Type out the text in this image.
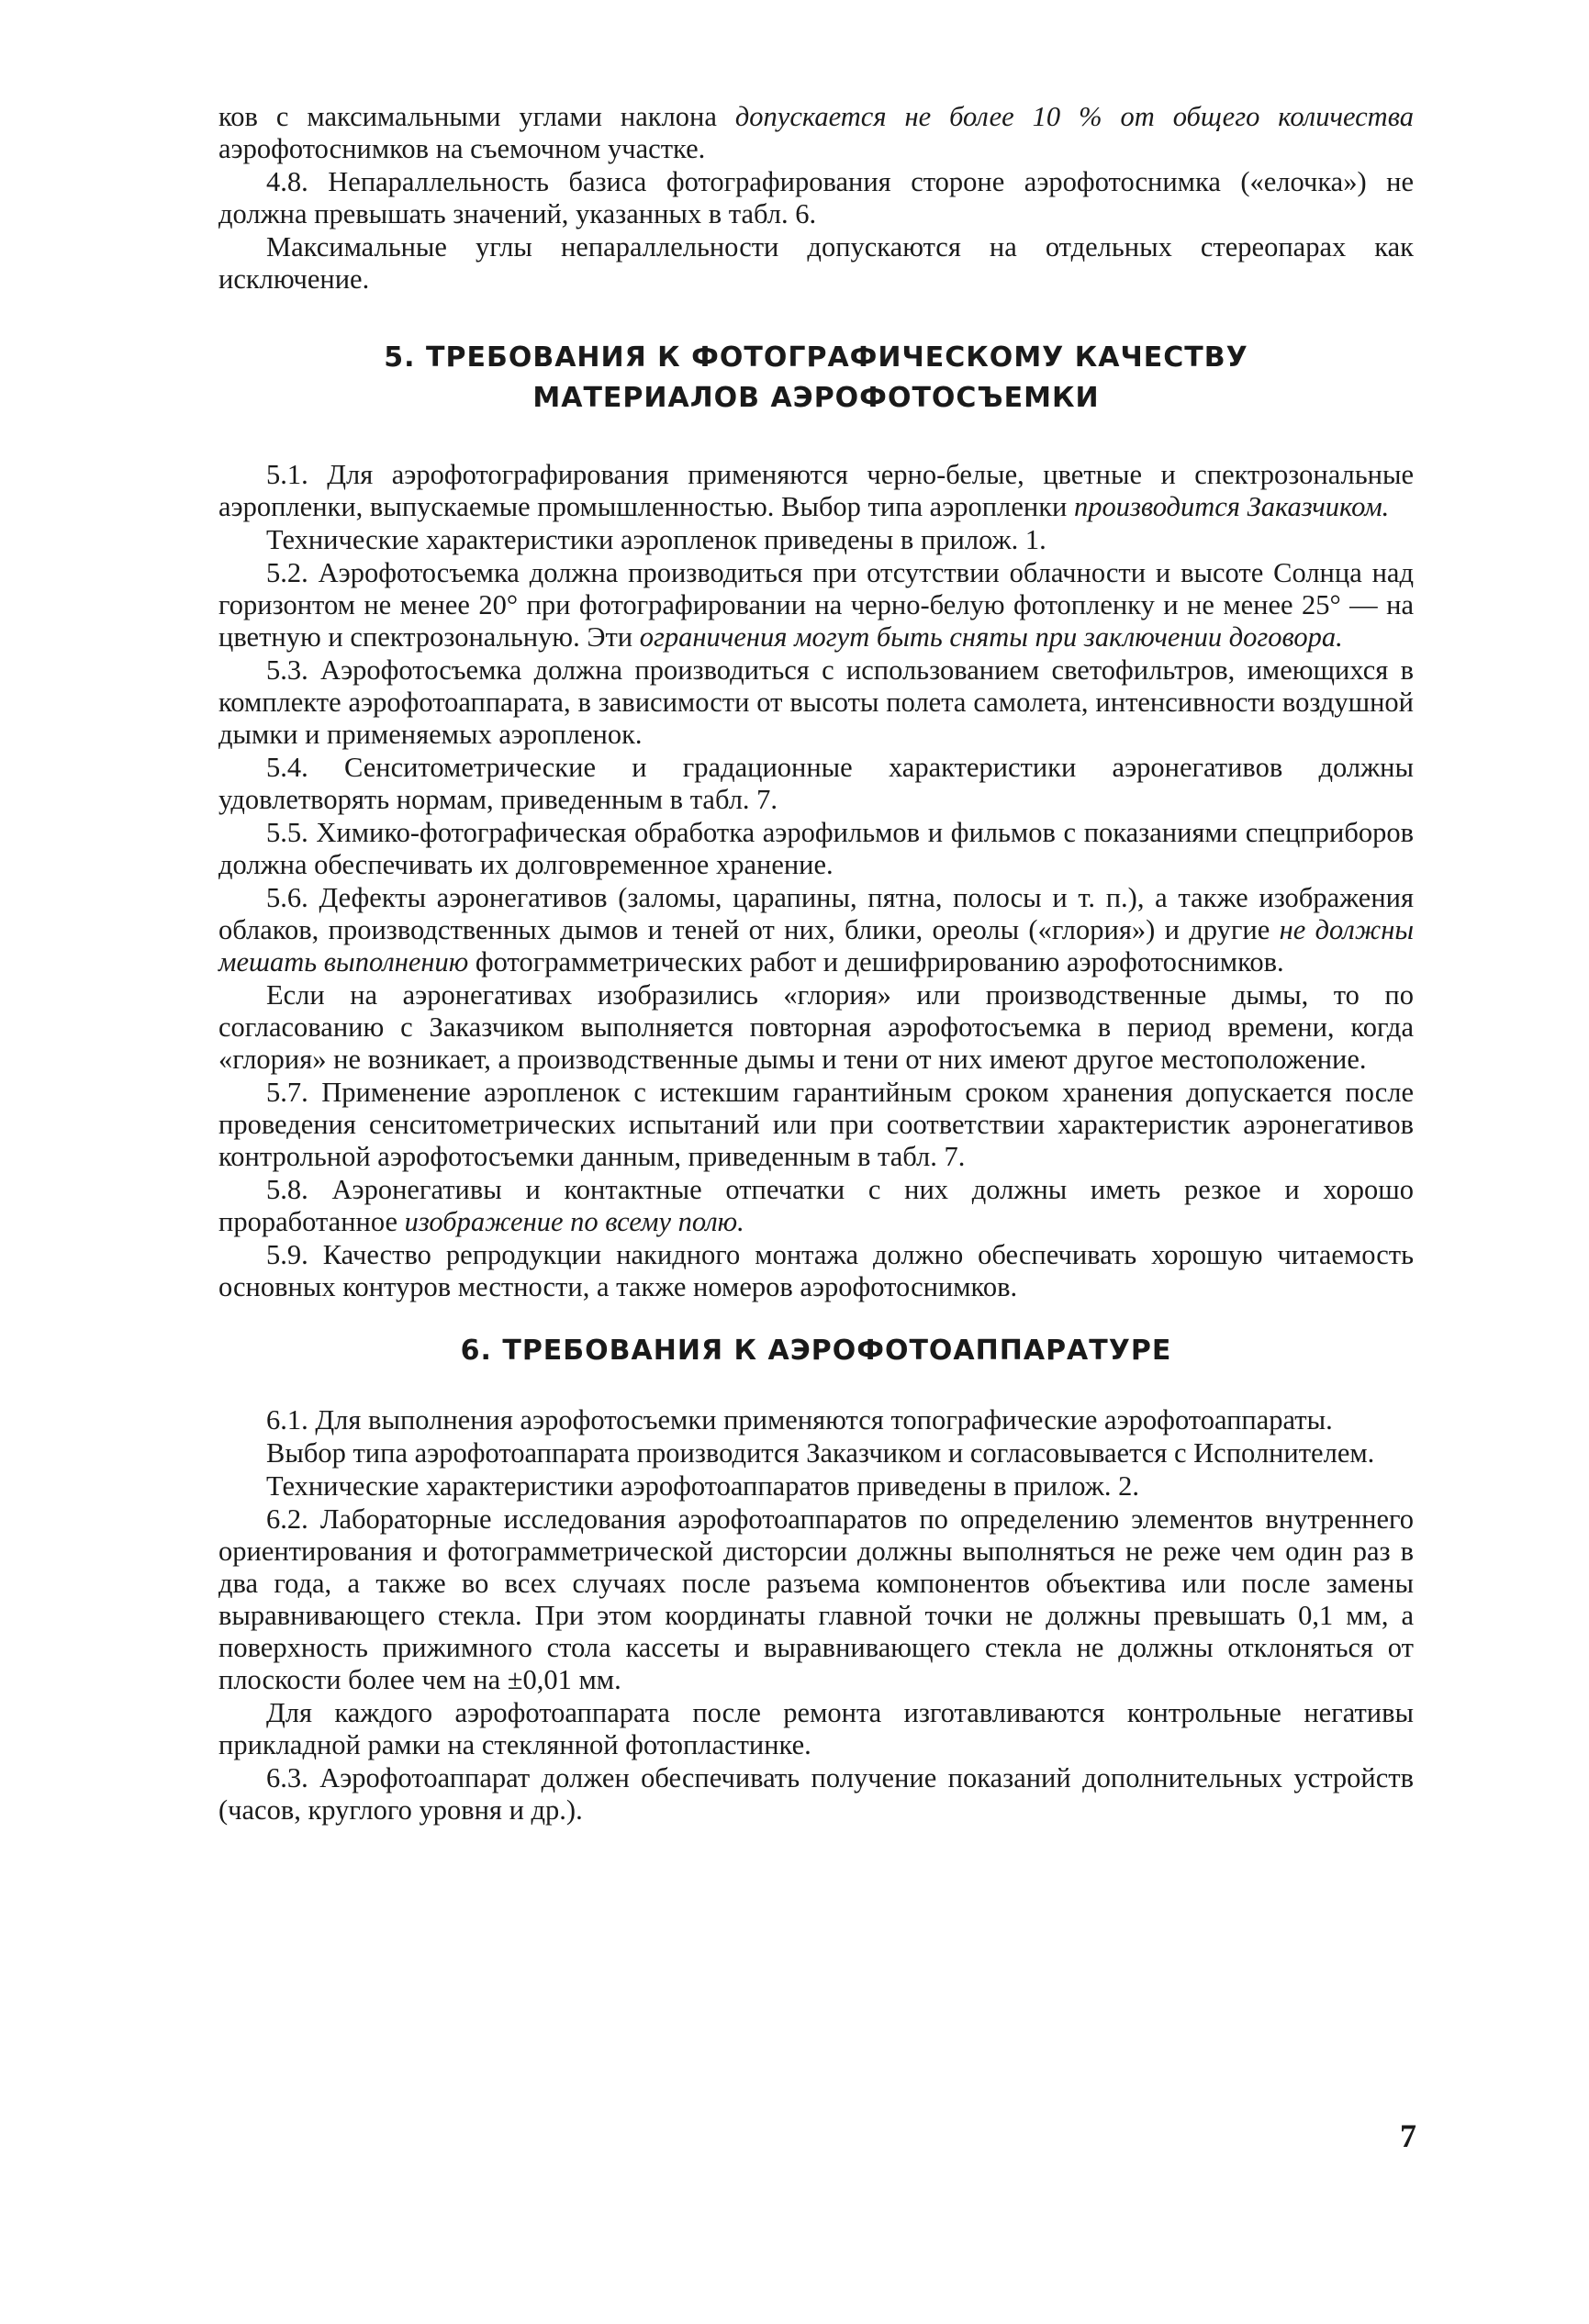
ков с максимальными углами наклона допускается не более 10 % от общего количества аэрофотоснимков на съемочном участке.

4.8. Непараллельность базиса фотографирования стороне аэрофотоснимка («елочка») не должна превышать значений, указанных в табл. 6.

Максимальные углы непараллельности допускаются на отдельных стереопарах как исключение.

5. ТРЕБОВАНИЯ К ФОТОГРАФИЧЕСКОМУ КАЧЕСТВУ
МАТЕРИАЛОВ АЭРОФОТОСЪЕМКИ

5.1. Для аэрофотографирования применяются черно-белые, цветные и спектрозональные аэропленки, выпускаемые промышленностью. Выбор типа аэропленки производится Заказчиком.

Технические характеристики аэропленок приведены в прилож. 1.

5.2. Аэрофотосъемка должна производиться при отсутствии облачности и высоте Солнца над горизонтом не менее 20° при фотографировании на черно-белую фотопленку и не менее 25° — на цветную и спектрозональную. Эти ограничения могут быть сняты при заключении договора.

5.3. Аэрофотосъемка должна производиться с использованием светофильтров, имеющихся в комплекте аэрофотоаппарата, в зависимости от высоты полета самолета, интенсивности воздушной дымки и применяемых аэропленок.

5.4. Сенситометрические и градационные характеристики аэронегативов должны удовлетворять нормам, приведенным в табл. 7.

5.5. Химико-фотографическая обработка аэрофильмов и фильмов с показаниями спецприборов должна обеспечивать их долговременное хранение.

5.6. Дефекты аэронегативов (заломы, царапины, пятна, полосы и т. п.), а также изображения облаков, производственных дымов и теней от них, блики, ореолы («глория») и другие не должны мешать выполнению фотограмметрических работ и дешифрированию аэрофотоснимков.

Если на аэронегативах изобразились «глория» или производственные дымы, то по согласованию с Заказчиком выполняется повторная аэрофотосъемка в период времени, когда «глория» не возникает, а производственные дымы и тени от них имеют другое местоположение.

5.7. Применение аэропленок с истекшим гарантийным сроком хранения допускается после проведения сенситометрических испытаний или при соответствии характеристик аэронегативов контрольной аэрофотосъемки данным, приведенным в табл. 7.

5.8. Аэронегативы и контактные отпечатки с них должны иметь резкое и хорошо проработанное изображение по всему полю.

5.9. Качество репродукции накидного монтажа должно обеспечивать хорошую читаемость основных контуров местности, а также номеров аэрофотоснимков.

6. ТРЕБОВАНИЯ К АЭРОФОТОАППАРАТУРЕ

6.1. Для выполнения аэрофотосъемки применяются топографические аэрофотоаппараты.

Выбор типа аэрофотоаппарата производится Заказчиком и согласовывается с Исполнителем.

Технические характеристики аэрофотоаппаратов приведены в прилож. 2.

6.2. Лабораторные исследования аэрофотоаппаратов по определению элементов внутреннего ориентирования и фотограмметрической дисторсии должны выполняться не реже чем один раз в два года, а также во всех случаях после разъема компонентов объектива или после замены выравнивающего стекла. При этом координаты главной точки не должны превышать 0,1 мм, а поверхность прижимного стола кассеты и выравнивающего стекла не должны отклоняться от плоскости более чем на ±0,01 мм.

Для каждого аэрофотоаппарата после ремонта изготавливаются контрольные негативы прикладной рамки на стеклянной фотопластинке.

6.3. Аэрофотоаппарат должен обеспечивать получение показаний дополнительных устройств (часов, круглого уровня и др.).

7
